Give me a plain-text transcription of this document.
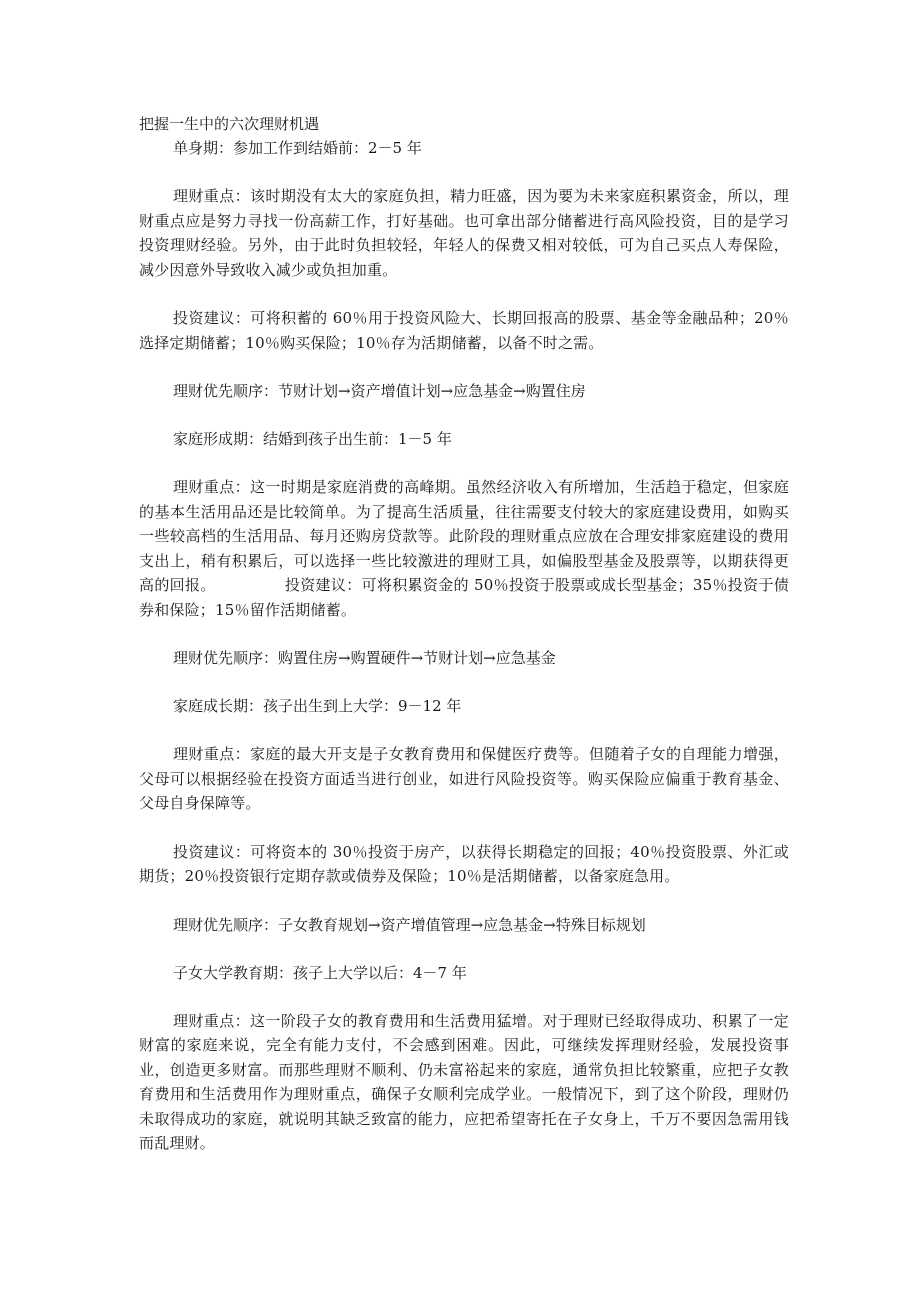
把握一生中的六次理财机遇

单身期：参加工作到结婚前：2－5 年

理财重点：该时期没有太大的家庭负担，精力旺盛，因为要为未来家庭积累资金，所以，理财重点应是努力寻找一份高薪工作，打好基础。也可拿出部分储蓄进行高风险投资，目的是学习投资理财经验。另外，由于此时负担较轻，年轻人的保费又相对较低，可为自己买点人寿保险，减少因意外导致收入减少或负担加重。

投资建议：可将积蓄的 60％用于投资风险大、长期回报高的股票、基金等金融品种；20％选择定期储蓄；10％购买保险；10％存为活期储蓄，以备不时之需。

理财优先顺序：节财计划→资产增值计划→应急基金→购置住房

家庭形成期：结婚到孩子出生前：1－5 年

理财重点：这一时期是家庭消费的高峰期。虽然经济收入有所增加，生活趋于稳定，但家庭的基本生活用品还是比较简单。为了提高生活质量，往往需要支付较大的家庭建设费用，如购买一些较高档的生活用品、每月还购房贷款等。此阶段的理财重点应放在合理安排家庭建设的费用支出上，稍有积累后，可以选择一些比较激进的理财工具，如偏股型基金及股票等，以期获得更高的回报。　　　　　投资建议：可将积累资金的 50％投资于股票或成长型基金；35％投资于债券和保险；15％留作活期储蓄。

理财优先顺序：购置住房→购置硬件→节财计划→应急基金

家庭成长期：孩子出生到上大学：9－12 年

理财重点：家庭的最大开支是子女教育费用和保健医疗费等。但随着子女的自理能力增强，父母可以根据经验在投资方面适当进行创业，如进行风险投资等。购买保险应偏重于教育基金、父母自身保障等。

投资建议：可将资本的 30％投资于房产，以获得长期稳定的回报；40％投资股票、外汇或期货；20％投资银行定期存款或债券及保险；10％是活期储蓄，以备家庭急用。

理财优先顺序：子女教育规划→资产增值管理→应急基金→特殊目标规划

子女大学教育期：孩子上大学以后：4－7 年

理财重点：这一阶段子女的教育费用和生活费用猛增。对于理财已经取得成功、积累了一定财富的家庭来说，完全有能力支付，不会感到困难。因此，可继续发挥理财经验，发展投资事业，创造更多财富。而那些理财不顺利、仍未富裕起来的家庭，通常负担比较繁重，应把子女教育费用和生活费用作为理财重点，确保子女顺利完成学业。一般情况下，到了这个阶段，理财仍未取得成功的家庭，就说明其缺乏致富的能力，应把希望寄托在子女身上，千万不要因急需用钱而乱理财。
